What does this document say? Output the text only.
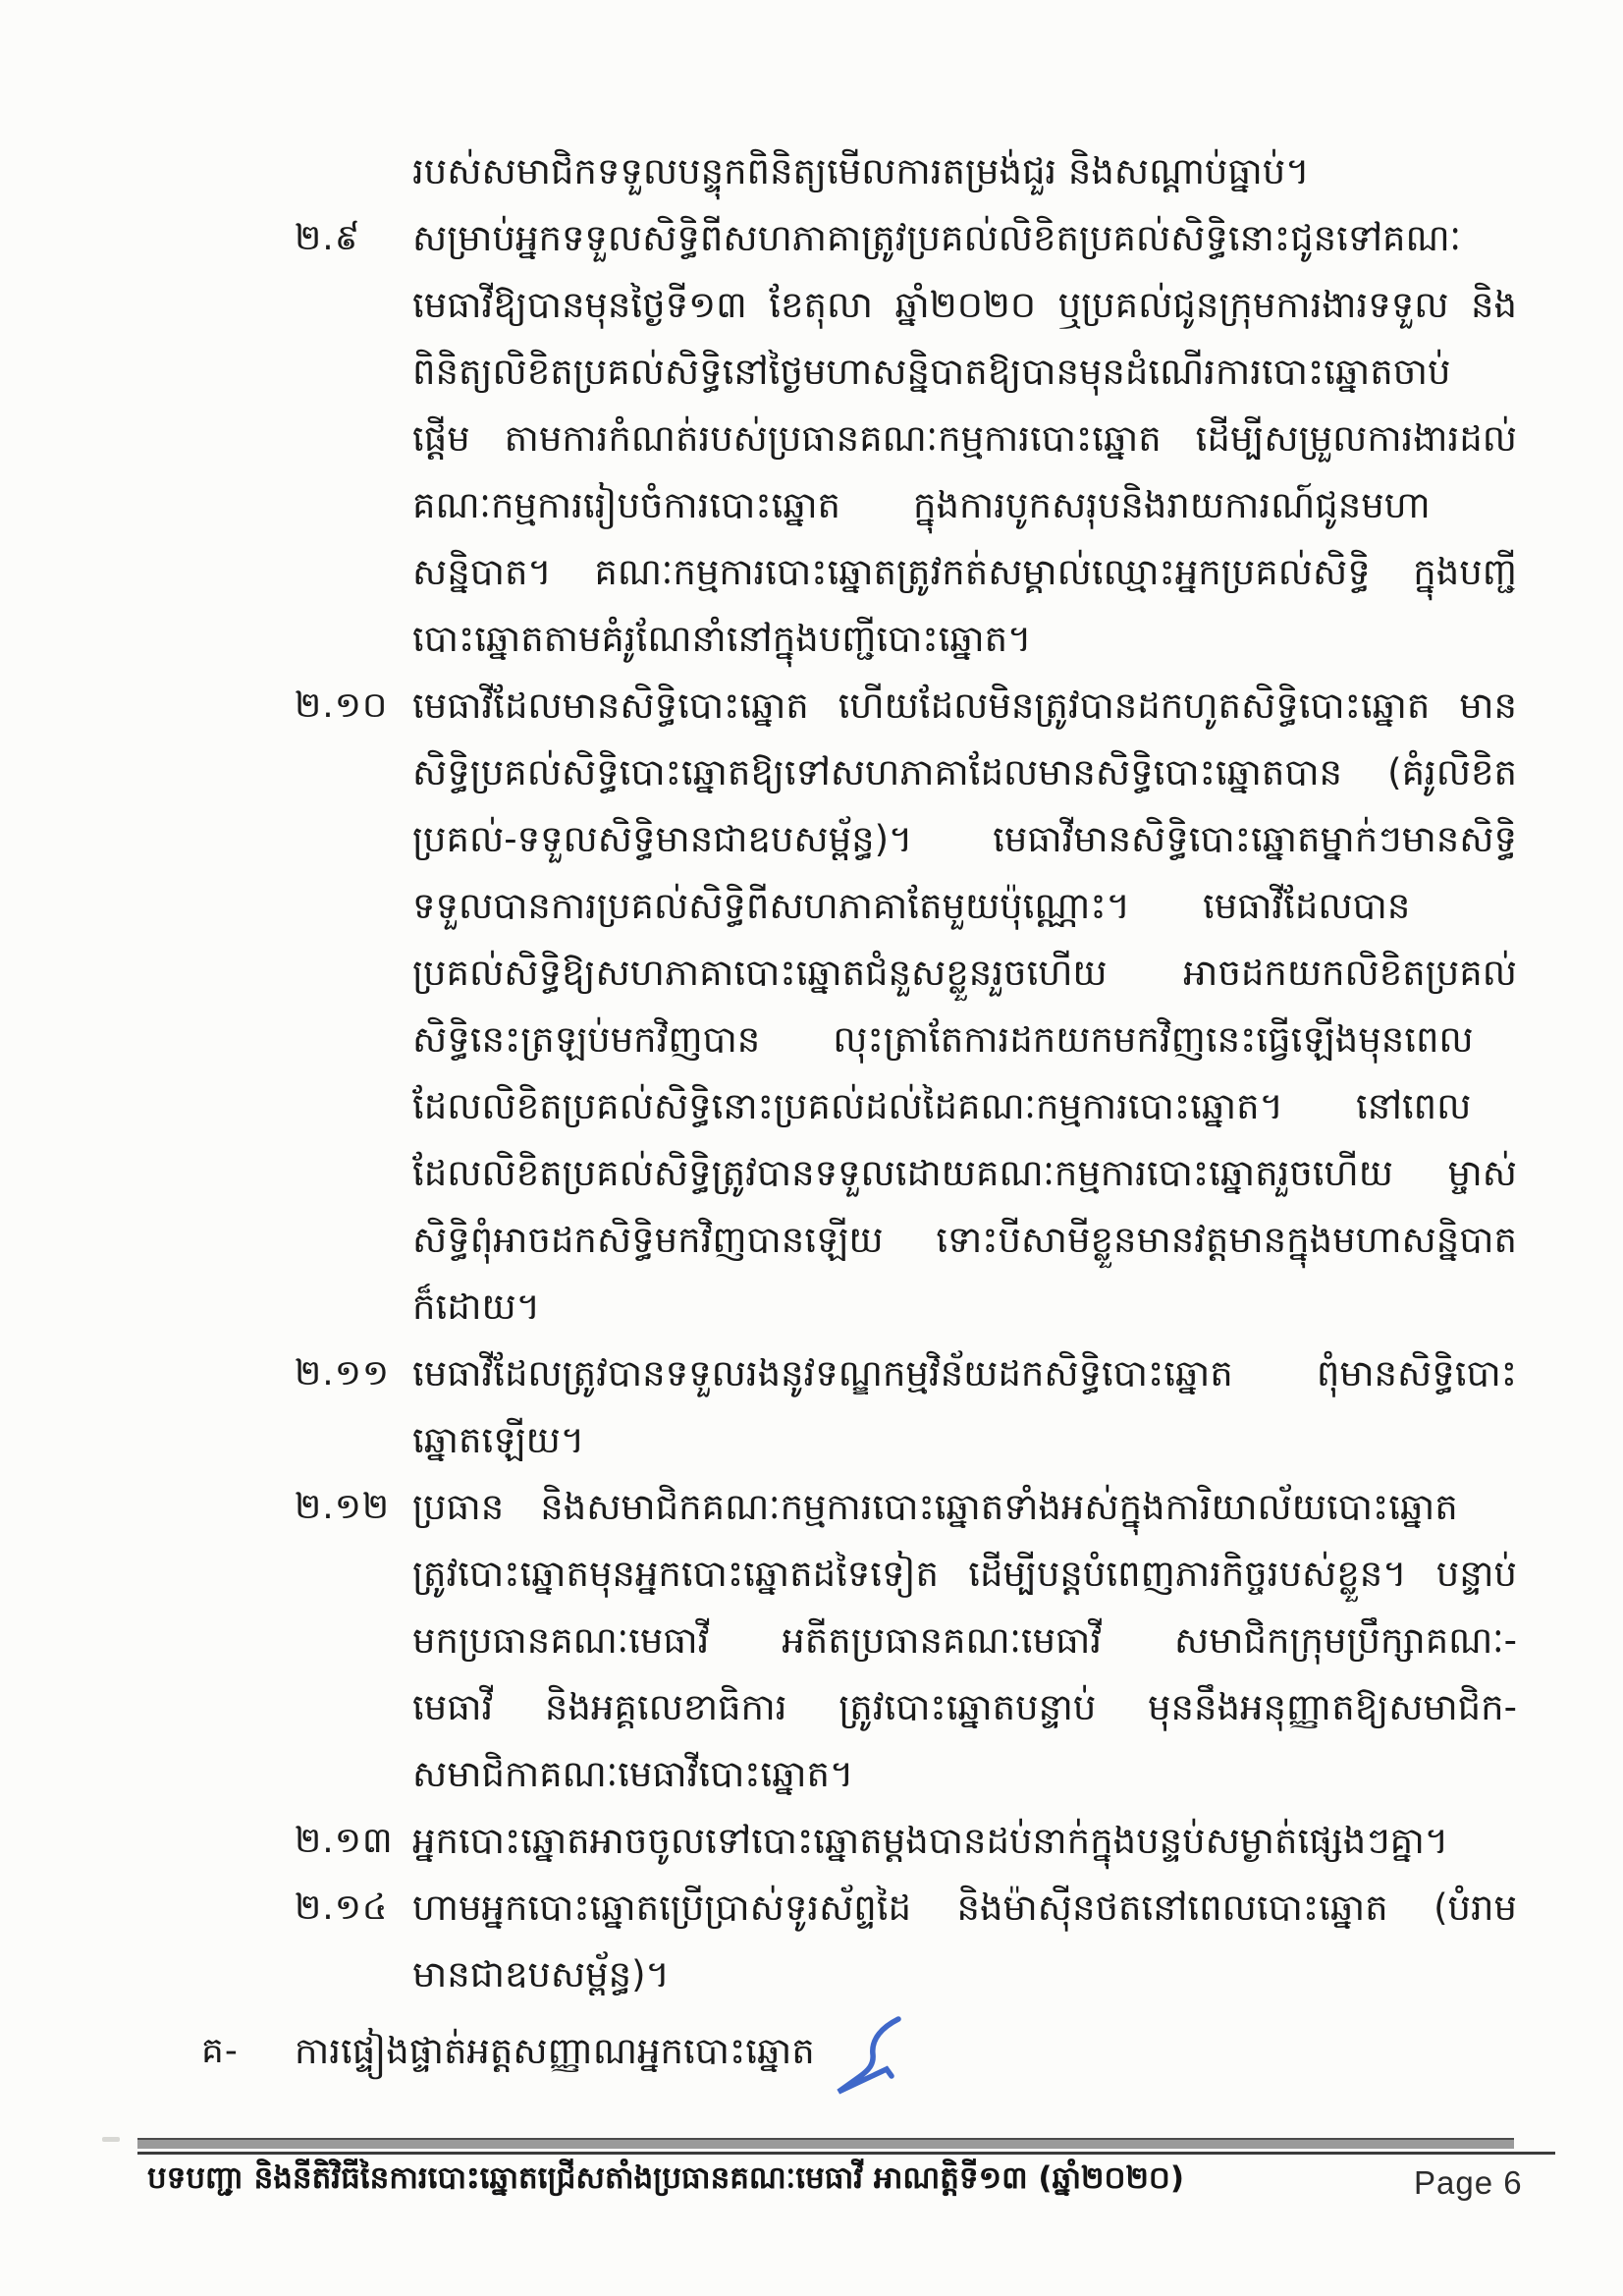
របស់សមាជិកទទួលបន្ទុកពិនិត្យមើលការតម្រង់ជួរ និងសណ្ដាប់ធ្នាប់។
២.៩	សម្រាប់អ្នកទទួលសិទ្ធិពីសហភាគាត្រូវប្រគល់លិខិតប្រគល់សិទ្ធិនោះជូនទៅគណៈ
មេធាវីឱ្យបានមុនថ្ងៃទី១៣ ខែតុលា ឆ្នាំ២០២០ ឬប្រគល់ជូនក្រុមការងារទទួល និង
ពិនិត្យលិខិតប្រគល់សិទ្ធិនៅថ្ងៃមហាសន្និបាតឱ្យបានមុនដំណើរការបោះឆ្នោតចាប់
ផ្ដើម តាមការកំណត់របស់ប្រធានគណៈកម្មការបោះឆ្នោត ដើម្បីសម្រួលការងារដល់
គណៈកម្មការរៀបចំការបោះឆ្នោត  ក្នុងការបូកសរុបនិងរាយការណ៍ជូនមហា
សន្និបាត។ គណៈកម្មការបោះឆ្នោតត្រូវកត់សម្គាល់ឈ្មោះអ្នកប្រគល់សិទ្ធិ ក្នុងបញ្ជី
បោះឆ្នោតតាមគំរូណែនាំនៅក្នុងបញ្ជីបោះឆ្នោត។
២.១០ មេធាវីដែលមានសិទ្ធិបោះឆ្នោត ហើយដែលមិនត្រូវបានដកហូតសិទ្ធិបោះឆ្នោត មាន
សិទ្ធិប្រគល់សិទ្ធិបោះឆ្នោតឱ្យទៅសហភាគាដែលមានសិទ្ធិបោះឆ្នោតបាន (គំរូលិខិត
ប្រគល់-ទទួលសិទ្ធិមានជាឧបសម្ព័ន្ធ)។ មេធាវីមានសិទ្ធិបោះឆ្នោតម្នាក់ៗមានសិទ្ធិ
ទទួលបានការប្រគល់សិទ្ធិពីសហភាគាតែមួយប៉ុណ្ណោះ។  មេធាវីដែលបាន
ប្រគល់សិទ្ធិឱ្យសហភាគាបោះឆ្នោតជំនួសខ្លួនរួចហើយ អាចដកយកលិខិតប្រគល់
សិទ្ធិនេះត្រឡប់មកវិញបាន  លុះត្រាតែការដកយកមកវិញនេះធ្វើឡើងមុនពេល
ដែលលិខិតប្រគល់សិទ្ធិនោះប្រគល់ដល់ដៃគណៈកម្មការបោះឆ្នោត។  នៅពេល
ដែលលិខិតប្រគល់សិទ្ធិត្រូវបានទទួលដោយគណៈកម្មការបោះឆ្នោតរួចហើយ ម្ចាស់
សិទ្ធិពុំអាចដកសិទ្ធិមកវិញបានឡើយ ទោះបីសាមីខ្លួនមានវត្តមានក្នុងមហាសន្និបាត
ក៏ដោយ។
២.១១ មេធាវីដែលត្រូវបានទទួលរងនូវទណ្ឌកម្មវិន័យដកសិទ្ធិបោះឆ្នោត ពុំមានសិទ្ធិបោះ
ឆ្នោតឡើយ។
២.១២ ប្រធាន និងសមាជិកគណៈកម្មការបោះឆ្នោតទាំងអស់ក្នុងការិយាល័យបោះឆ្នោត
ត្រូវបោះឆ្នោតមុនអ្នកបោះឆ្នោតដទៃទៀត ដើម្បីបន្តបំពេញភារកិច្ចរបស់ខ្លួន។ បន្ទាប់
មកប្រធានគណៈមេធាវី អតីតប្រធានគណៈមេធាវី សមាជិកក្រុមប្រឹក្សាគណៈ-
មេធាវី និងអគ្គលេខាធិការ ត្រូវបោះឆ្នោតបន្ទាប់ មុននឹងអនុញ្ញាតឱ្យសមាជិក-
សមាជិកាគណៈមេធាវីបោះឆ្នោត។
២.១៣ អ្នកបោះឆ្នោតអាចចូលទៅបោះឆ្នោតម្ដងបានដប់នាក់ក្នុងបន្ទប់សម្ងាត់ផ្សេងៗគ្នា។
២.១៤ ហាមអ្នកបោះឆ្នោតប្រើប្រាស់ទូរស័ព្ទដៃ និងម៉ាស៊ីនថតនៅពេលបោះឆ្នោត (បំរាម
មានជាឧបសម្ព័ន្ធ)។
គ-	ការផ្ទៀងផ្ទាត់អត្តសញ្ញាណអ្នកបោះឆ្នោត
បទបញ្ជា និងនីតិវិធីនៃការបោះឆ្នោតជ្រើសតាំងប្រធានគណៈមេធាវី អាណត្តិទី១៣ (ឆ្នាំ២០២០)	Page 6
